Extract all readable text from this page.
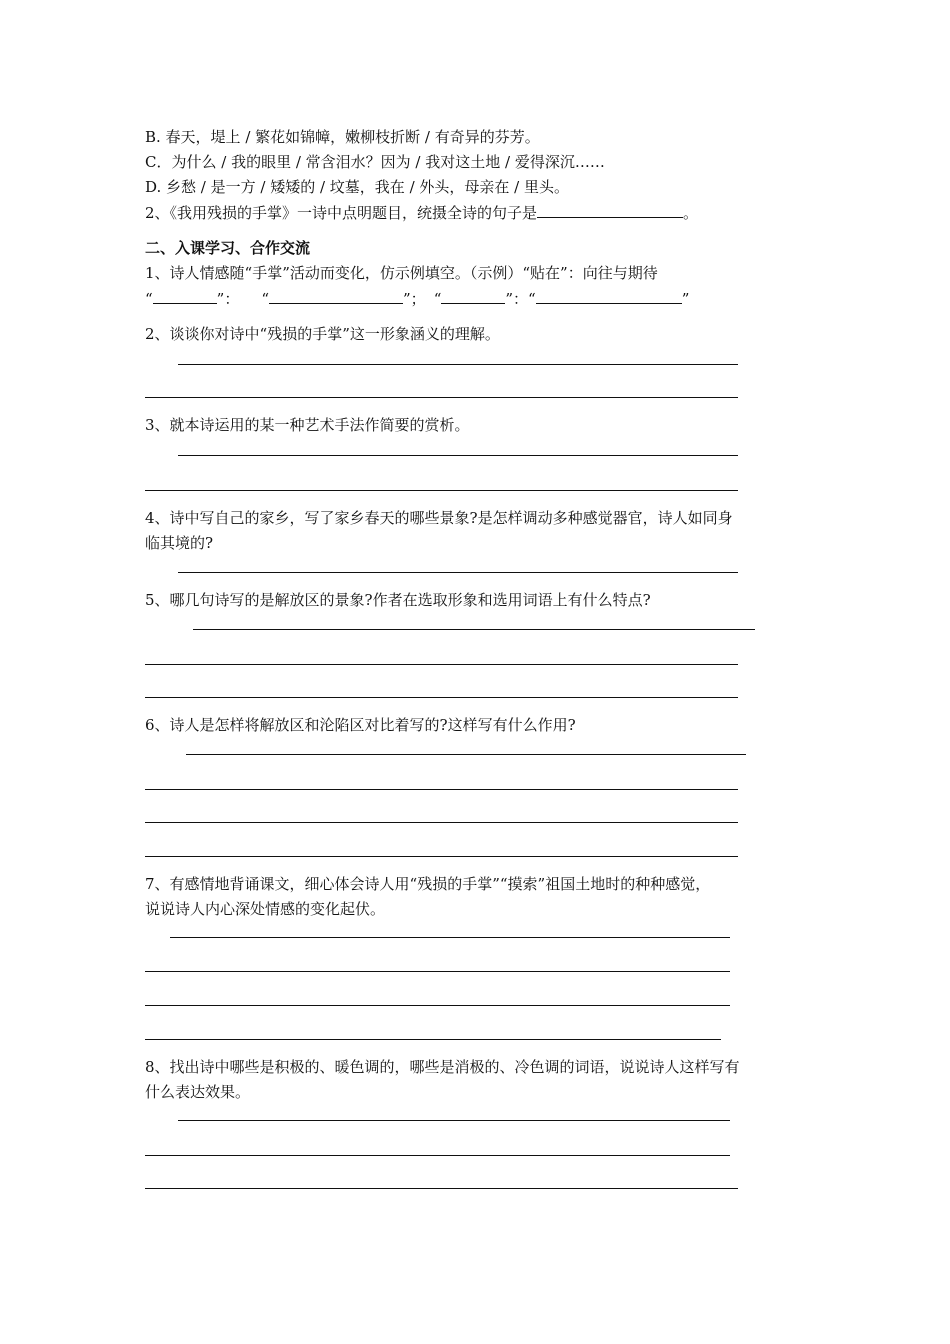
B. 春天，堤上 / 繁花如锦幛，嫩柳枝折断 / 有奇异的芬芳。
C．为什么 / 我的眼里 / 常含泪水？因为 / 我对这土地 / 爱得深沉……
D. 乡愁 / 是一方 / 矮矮的 / 坟墓，我在 / 外头，母亲在 / 里头。
2、《我用残损的手掌》一诗中点明题目，统摄全诗的句子是	。
二、入课学习、合作交流
1、诗人情感随“手掌”活动而变化，仿示例填空。（示例）“贴在”：向往与期待
“	”： “	”； “	”：“	”
2、谈谈你对诗中“残损的手掌”这一形象涵义的理解。
3、就本诗运用的某一种艺术手法作简要的赏析。
4、诗中写自己的家乡，写了家乡春天的哪些景象?是怎样调动多种感觉器官，诗人如同身
临其境的?
5、哪几句诗写的是解放区的景象?作者在选取形象和选用词语上有什么特点?
6、诗人是怎样将解放区和沦陷区对比着写的?这样写有什么作用?
7、有感情地背诵课文，细心体会诗人用“残损的手掌”“摸索”祖国土地时的种种感觉，
说说诗人内心深处情感的变化起伏。
8、找出诗中哪些是积极的、暖色调的，哪些是消极的、冷色调的词语，说说诗人这样写有
什么表达效果。
